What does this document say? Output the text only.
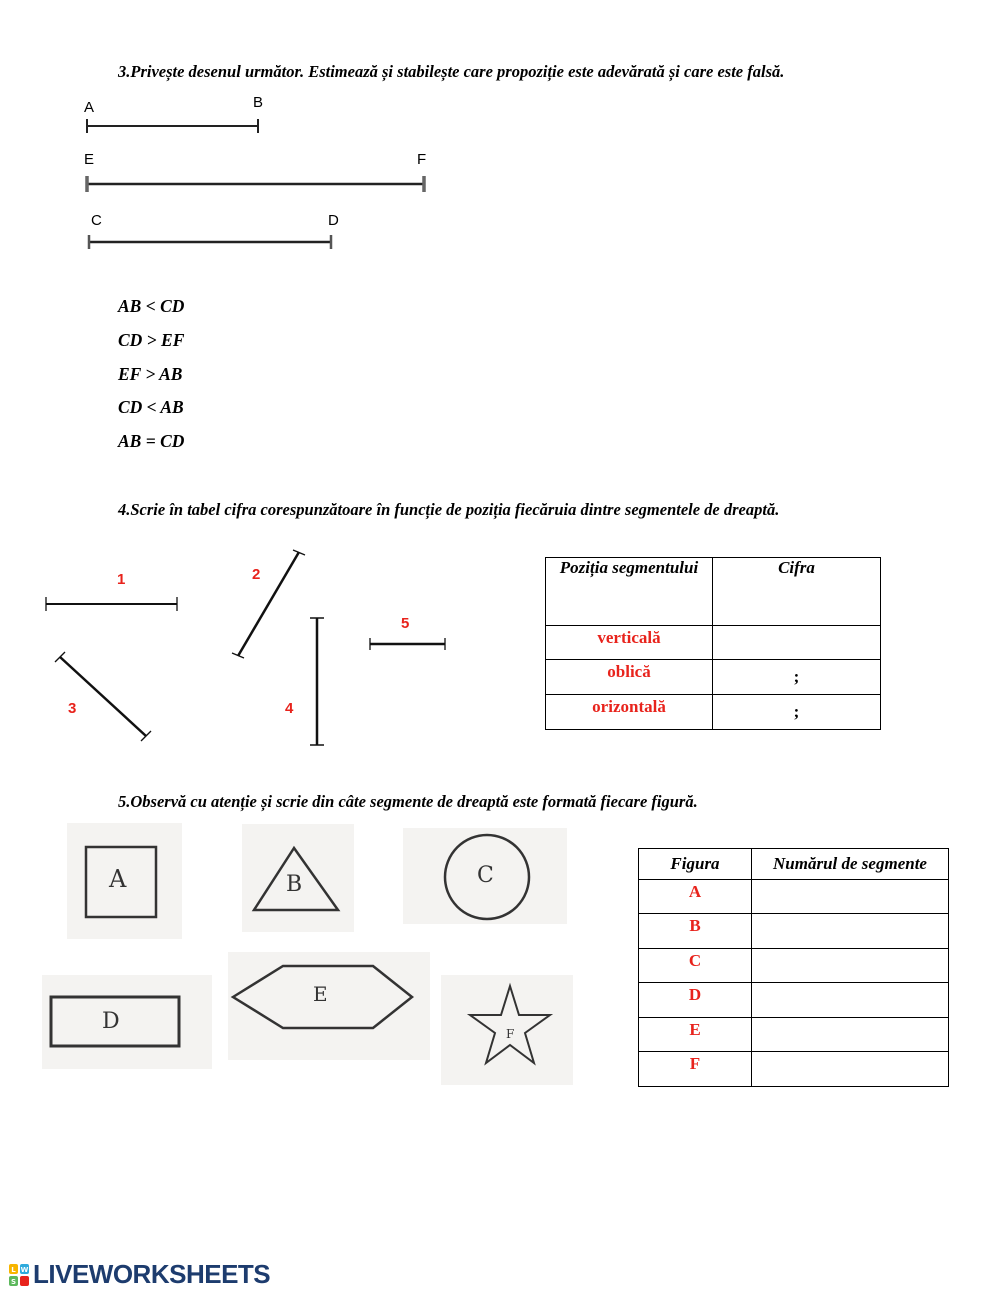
3.Privește desenul următor. Estimează și stabilește care propoziție este adevărată și care este falsă.
A	B
E	F
C	D
AB < CD
CD > EF
EF > AB
CD < AB
AB = CD
4.Scrie în tabel cifra corespunzătoare în funcție de poziția fiecăruia dintre segmentele de dreaptă.
1	2
3	4
5
Poziția segmentului	Cifra
verticală	
oblică	;
orizontală	;
5.Observă cu atenție și scrie din câte segmente de dreaptă este formată fiecare figură.
A	B	C
D
E
F
Figura	Numărul de segmente
A	
B	
C	
D	
E	
F	
L W
S LIVEWORKSHEETS
